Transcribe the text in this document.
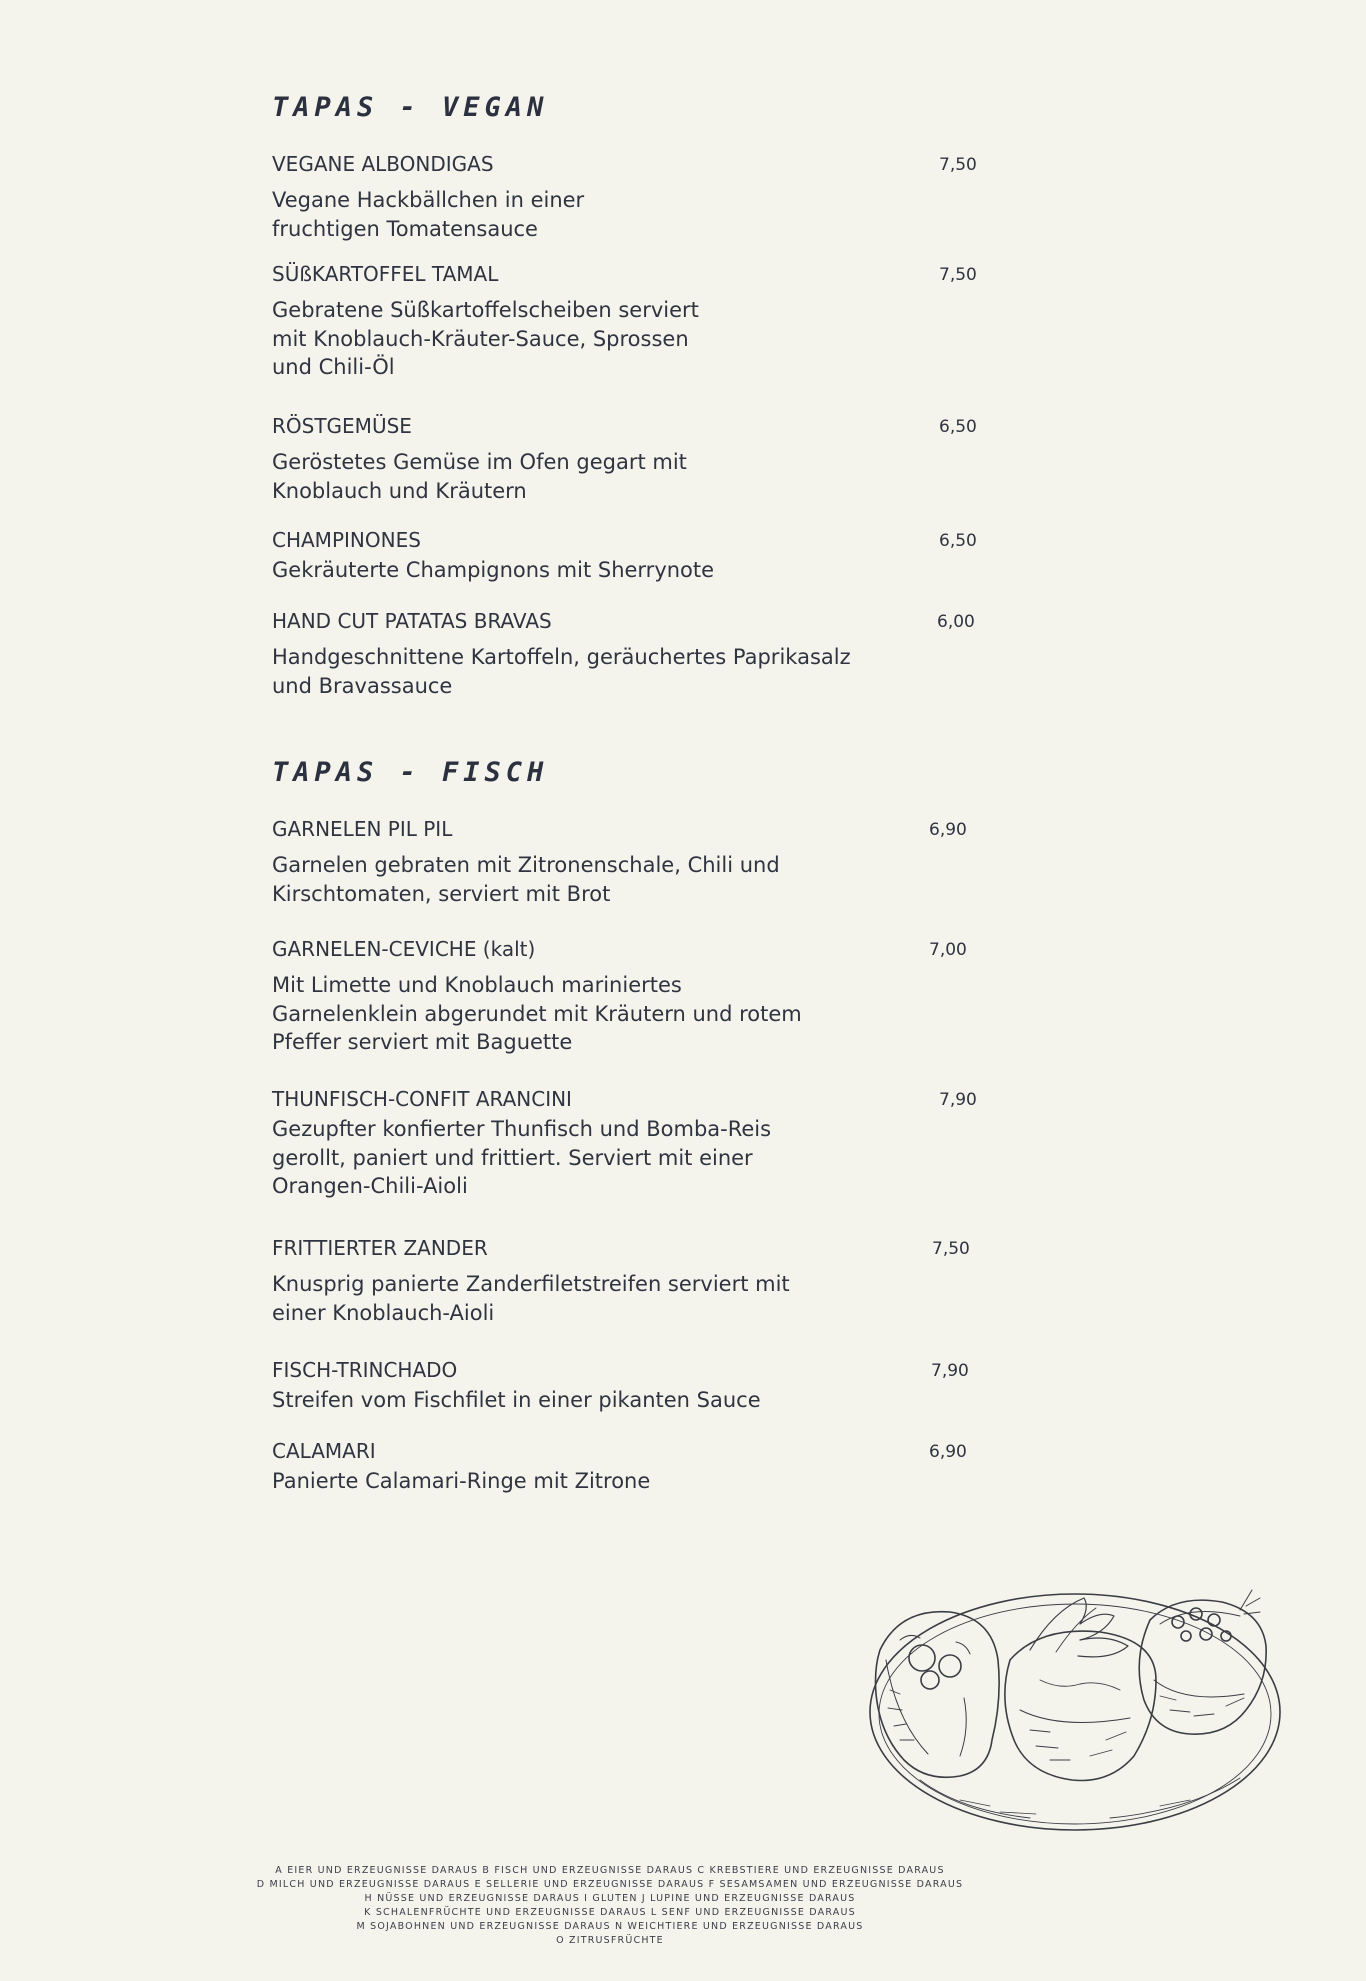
TAPAS - VEGAN
VEGANE ALBONDIGAS
Vegane Hackbällchen in einer fruchtigen Tomatensauce
7,50
SÜßKARTOFFEL TAMAL
Gebratene Süßkartoffelscheiben serviert mit Knoblauch-Kräuter-Sauce, Sprossen und Chili-Öl
7,50
RÖSTGEMÜSE
Geröstetes Gemüse im Ofen gegart mit Knoblauch und Kräutern
6,50
CHAMPINONES
Gekräuterte Champignons mit Sherrynote
6,50
HAND CUT PATATAS BRAVAS
Handgeschnittene Kartoffeln, geräuchertes Paprikasalz und Bravassauce
6,00
TAPAS - FISCH
GARNELEN PIL PIL
Garnelen gebraten mit Zitronenschale, Chili und Kirschtomaten, serviert mit Brot
6,90
GARNELEN-CEVICHE (kalt)
Mit Limette und Knoblauch mariniertes Garnelenklein abgerundet mit Kräutern und rotem Pfeffer serviert mit Baguette
7,00
THUNFISCH-CONFIT ARANCINI
Gezupfter konfierter Thunfisch und Bomba-Reis gerollt, paniert und frittiert. Serviert mit einer Orangen-Chili-Aioli
7,90
FRITTIERTER ZANDER
Knusprig panierte Zanderfiletstreifen serviert mit einer Knoblauch-Aioli
7,50
FISCH-TRINCHADO
Streifen vom Fischfilet in einer pikanten Sauce
7,90
CALAMARI
Panierte Calamari-Ringe mit Zitrone
6,90
A EIER UND ERZEUGNISSE DARAUS B FISCH UND ERZEUGNISSE DARAUS C KREBSTIERE UND ERZEUGNISSE DARAUS
D MILCH UND ERZEUGNISSE DARAUS E SELLERIE UND ERZEUGNISSE DARAUS F SESAMSAMEN UND ERZEUGNISSE DARAUS
H NÜSSE UND ERZEUGNISSE DARAUS I GLUTEN J LUPINE UND ERZEUGNISSE DARAUS
K SCHALENFRÜCHTE UND ERZEUGNISSE DARAUS L SENF UND ERZEUGNISSE DARAUS
M SOJABOHNEN UND ERZEUGNISSE DARAUS N WEICHTIERE UND ERZEUGNISSE DARAUS
O ZITRUSFRÜCHTE
